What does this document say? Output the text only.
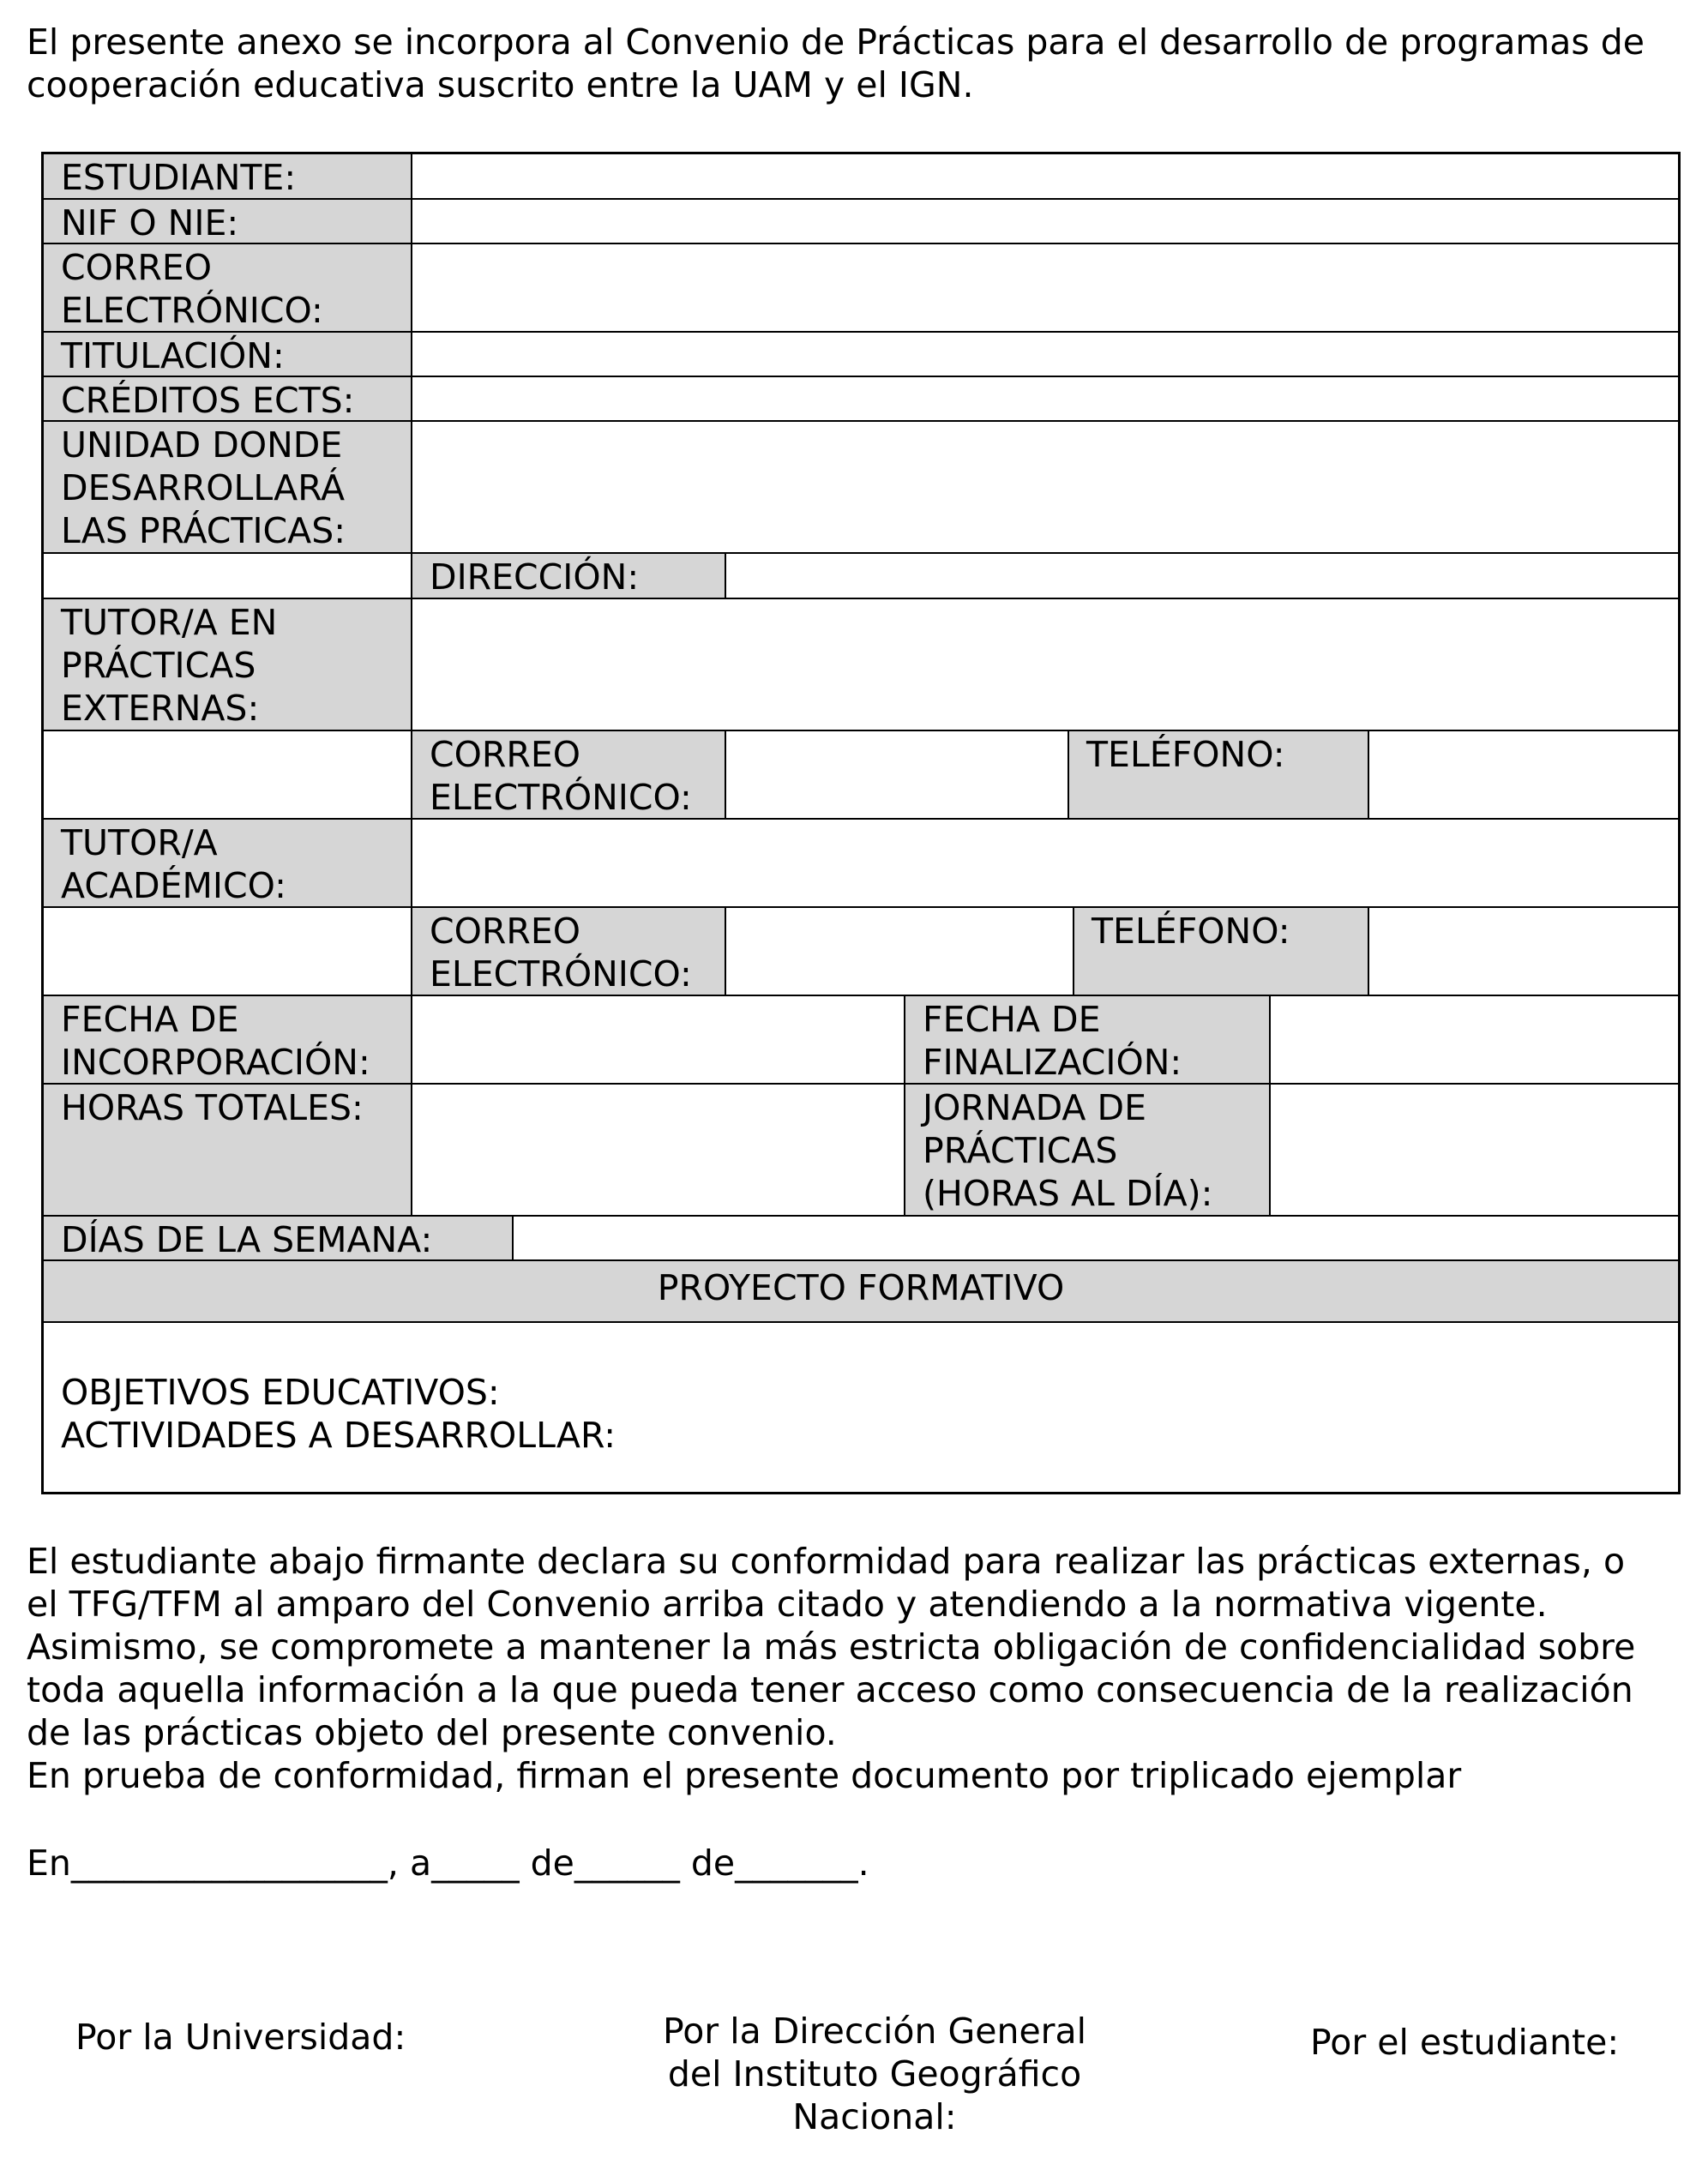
El presente anexo se incorpora al Convenio de Prácticas para el desarrollo de programas de
cooperación educativa suscrito entre la UAM y el IGN.
ESTUDIANTE:
NIF O NIE:
CORREO
ELECTRÓNICO:
TITULACIÓN:
CRÉDITOS ECTS:
UNIDAD DONDE
DESARROLLARÁ
LAS PRÁCTICAS:
DIRECCIÓN:
TUTOR/A EN
PRÁCTICAS
EXTERNAS:
CORREO
ELECTRÓNICO:
TELÉFONO:
TUTOR/A
ACADÉMICO:
CORREO
ELECTRÓNICO:
TELÉFONO:
FECHA DE
INCORPORACIÓN:
FECHA DE
FINALIZACIÓN:
HORAS TOTALES:	JORNADA DE
PRÁCTICAS
(HORAS AL DÍA):
DÍAS DE LA SEMANA:
PROYECTO FORMATIVO
OBJETIVOS EDUCATIVOS:
ACTIVIDADES A DESARROLLAR:

El estudiante abajo firmante declara su conformidad para realizar las prácticas externas, o

el TFG/TFM al amparo del Convenio arriba citado y atendiendo a la normativa vigente.

Asimismo, se compromete a mantener la más estricta obligación de confidencialidad sobre

toda aquella información a la que pueda tener acceso como consecuencia de la realización

de las prácticas objeto del presente convenio.

En prueba de conformidad, firman el presente documento por triplicado ejemplar

En__________________, a_____ de______ de_______.
Por la Universidad:	Por la Dirección General
del Instituto Geográfico
Nacional:
Por el estudiante:
